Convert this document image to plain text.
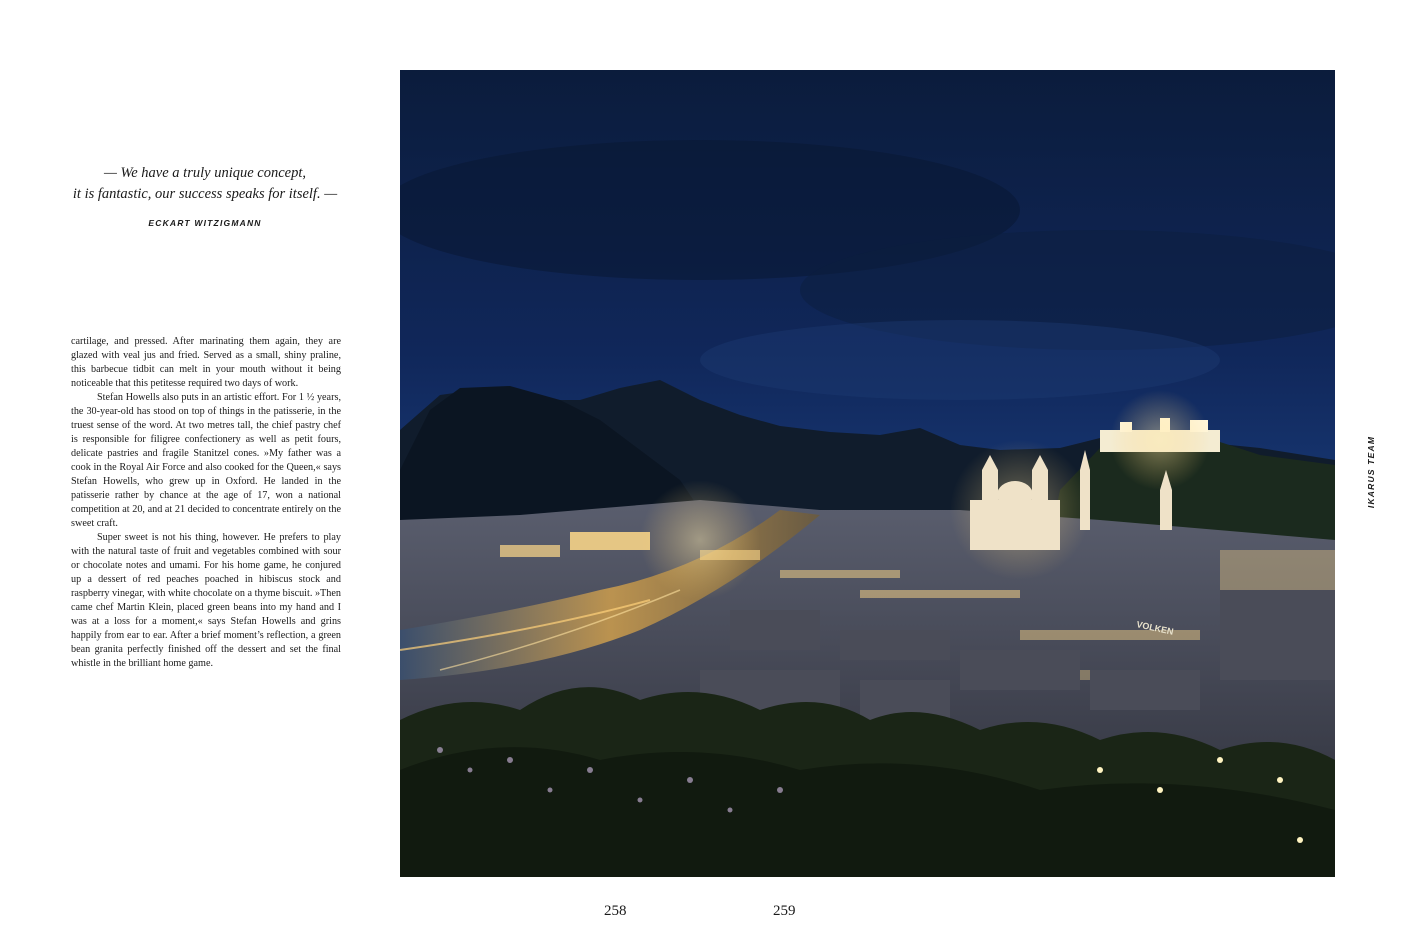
— We have a truly unique concept,

it is fantastic, our success speaks for itself. —

ECKART WITZIGMANN

cartilage, and pressed. After marinating them again, they are glazed with veal jus and fried. Served as a small, shiny praline, this barbecue tidbit can melt in your mouth without it being noticeable that this petitesse required two days of work.

Stefan Howells also puts in an artistic effort. For 1 ½ years, the 30-year-old has stood on top of things in the patisserie, in the truest sense of the word. At two metres tall, the chief pastry chef is responsible for filigree confectionery as well as petit fours, delicate pastries and fragile Stanitzel cones. »My father was a cook in the Royal Air Force and also cooked for the Queen,« says Stefan Howells, who grew up in Oxford. He landed in the patisserie rather by chance at the age of 17, won a national competition at 20, and at 21 decided to concentrate entirely on the sweet craft.

Super sweet is not his thing, however. He prefers to play with the natural taste of fruit and vegetables combined with sour or chocolate notes and umami. For his home game, he conjured up a dessert of red peaches poached in hibiscus stock and raspberry vinegar, with white chocolate on a thyme biscuit. »Then came chef Martin Klein, placed green beans into my hand and I was at a loss for a moment,« says Stefan Howells and grins happily from ear to ear. After a brief moment’s reflection, a green bean granita perfectly finished off the dessert and set the final whistle in the brilliant home game.

VOLKEN
IKARUS TEAM
258	259
